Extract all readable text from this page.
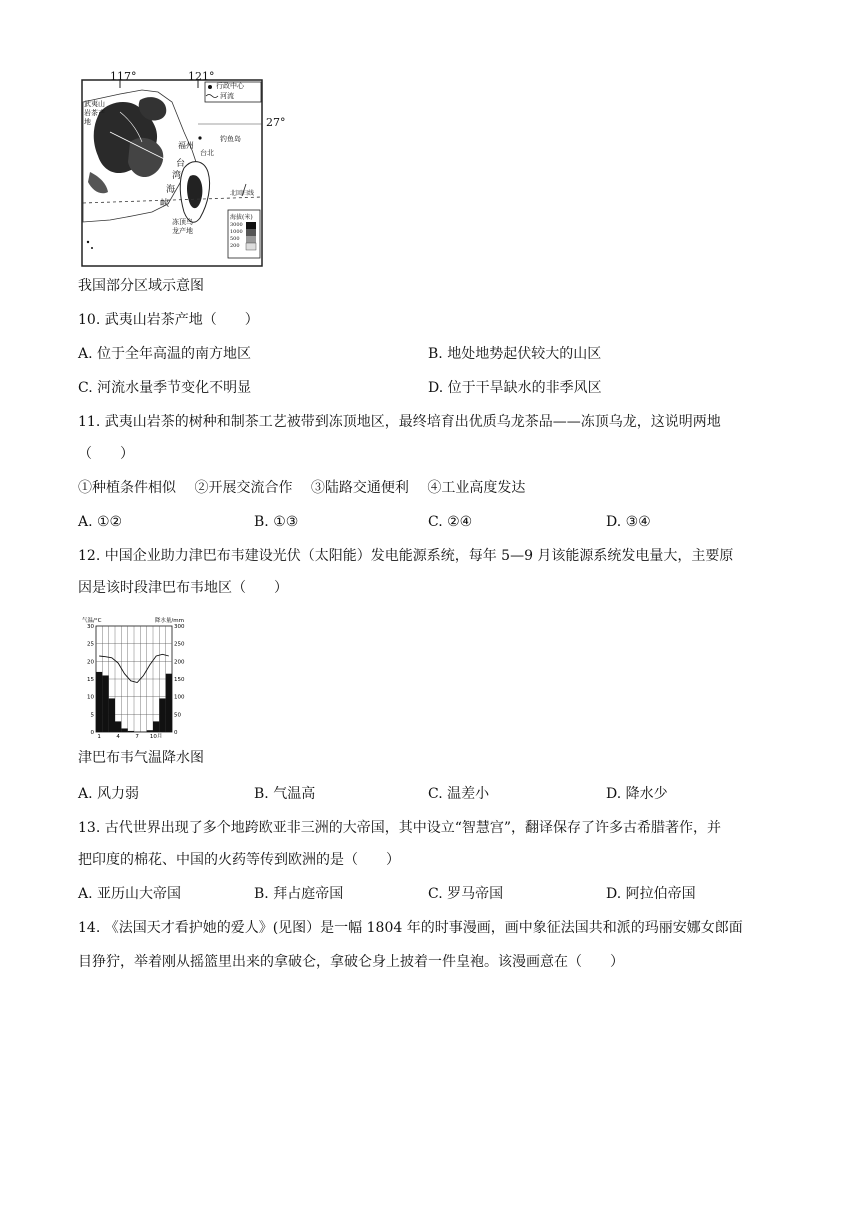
117°	121°
27°
行政中心
河流
武夷山岩茶产地
福州
台
湾
海
峡
台北
钓鱼岛
北回归线
冻顶乌龙产地
海拔(米)
3000
1000
500
200
我国部分区域示意图
10. 武夷山岩茶产地（　　）
A. 位于全年高温的南方地区	B. 地处地势起伏较大的山区
C. 河流水量季节变化不明显	D. 位于干旱缺水的非季风区
11. 武夷山岩茶的树种和制茶工艺被带到冻顶地区，最终培育出优质乌龙茶品——冻顶乌龙，这说明两地
（　　）
①种植条件相似　 ②开展交流合作　 ③陆路交通便利　 ④工业高度发达
A. ①②	B. ①③	C. ②④	D. ③④
12. 中国企业助力津巴布韦建设光伏（太阳能）发电能源系统，每年 5—9 月该能源系统发电量大，主要原
因是该时段津巴布韦地区（　　）
30
25
20
15
10
5
0
300
250
200
150
100
50
0
气温/°C	降水量/mm
1	4	7 10月
津巴布韦气温降水图
A. 风力弱	B. 气温高	C. 温差小	D. 降水少
13. 古代世界出现了多个地跨欧亚非三洲的大帝国，其中设立“智慧宫”，翻译保存了许多古希腊著作，并
把印度的棉花、中国的火药等传到欧洲的是（　　）
A. 亚历山大帝国	B. 拜占庭帝国	C. 罗马帝国	D. 阿拉伯帝国
14. 《法国天才看护她的爱人》(见图）是一幅 1804 年的时事漫画，画中象征法国共和派的玛丽安娜女郎面
目狰狞，举着刚从摇篮里出来的拿破仑，拿破仑身上披着一件皇袍。该漫画意在（　　）
